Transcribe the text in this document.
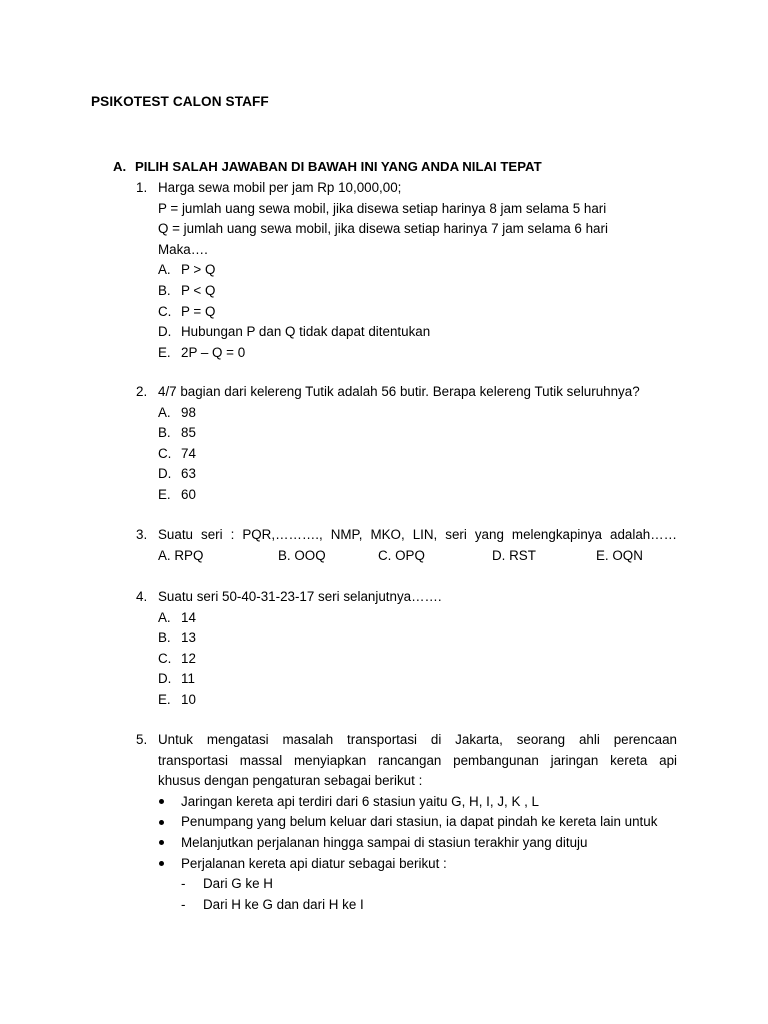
PSIKOTEST CALON STAFF
A. PILIH SALAH JAWABAN DI BAWAH INI YANG ANDA NILAI TEPAT
1. Harga sewa mobil per jam Rp 10,000,00;
P = jumlah uang sewa mobil, jika disewa setiap harinya 8 jam selama 5 hari
Q = jumlah uang sewa mobil, jika disewa setiap harinya 7 jam selama 6 hari
Maka….
A. P > Q
B. P < Q
C. P = Q
D. Hubungan P dan Q tidak dapat ditentukan
E. 2P – Q = 0
2. 4/7 bagian dari kelereng Tutik adalah 56 butir. Berapa kelereng Tutik seluruhnya?
A. 98
B. 85
C. 74
D. 63
E. 60
3. Suatu seri : PQR,………., NMP, MKO, LIN, seri yang melengkapinya adalah……
A. RPQ	B. OOQ	C. OPQ	D. RST	E. OQN
4. Suatu seri 50-40-31-23-17 seri selanjutnya…….
A. 14
B. 13
C. 12
D. 11
E. 10
5. Untuk mengatasi masalah transportasi di Jakarta, seorang ahli perencaan
transportasi massal menyiapkan rancangan pembangunan jaringan kereta api
khusus dengan pengaturan sebagai berikut :
Jaringan kereta api terdiri dari 6 stasiun yaitu G, H, I, J, K , L
Penumpang yang belum keluar dari stasiun, ia dapat pindah ke kereta lain untuk
Melanjutkan perjalanan hingga sampai di stasiun terakhir yang dituju
Perjalanan kereta api diatur sebagai berikut :
- Dari G ke H
- Dari H ke G dan dari H ke I
